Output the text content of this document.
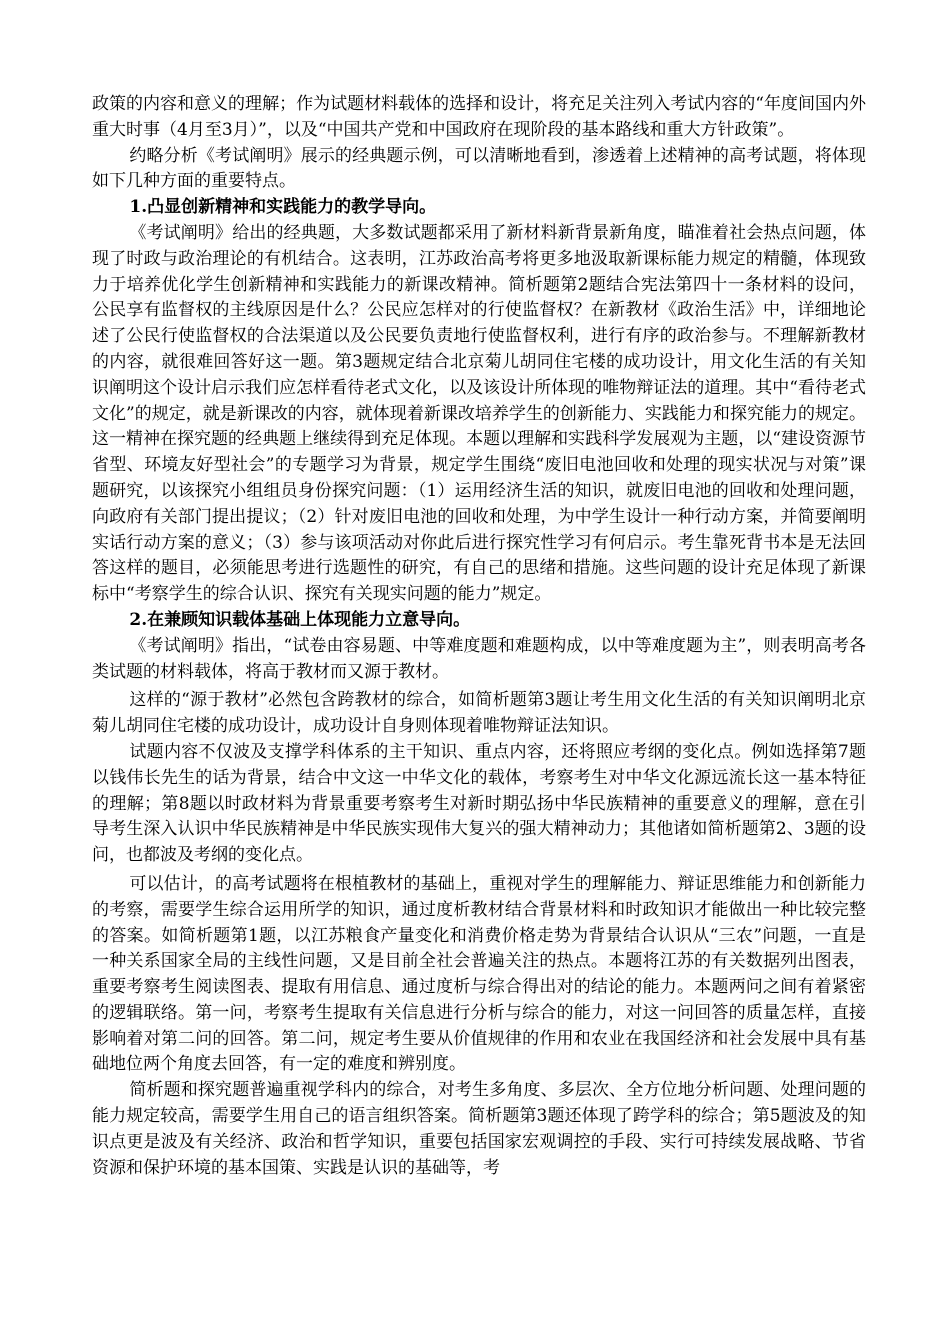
政策的内容和意义的理解；作为试题材料载体的选择和设计，将充足关注列入考试内容的“年度间国内外重大时事（4月至3月）”，以及“中国共产党和中国政府在现阶段的基本路线和重大方针政策”。

约略分析《考试阐明》展示的经典题示例，可以清晰地看到，渗透着上述精神的高考试题，将体现如下几种方面的重要特点。

1.凸显创新精神和实践能力的教学导向。

《考试阐明》给出的经典题，大多数试题都采用了新材料新背景新角度，瞄准着社会热点问题，体现了时政与政治理论的有机结合。这表明，江苏政治高考将更多地汲取新课标能力规定的精髓，体现致力于培养优化学生创新精神和实践能力的新课改精神。简析题第2题结合宪法第四十一条材料的设问，公民享有监督权的主线原因是什么？公民应怎样对的行使监督权？在新教材《政治生活》中，详细地论述了公民行使监督权的合法渠道以及公民要负责地行使监督权利，进行有序的政治参与。不理解新教材的内容，就很难回答好这一题。第3题规定结合北京菊儿胡同住宅楼的成功设计，用文化生活的有关知识阐明这个设计启示我们应怎样看待老式文化，以及该设计所体现的唯物辩证法的道理。其中“看待老式文化”的规定，就是新课改的内容，就体现着新课改培养学生的创新能力、实践能力和探究能力的规定。这一精神在探究题的经典题上继续得到充足体现。本题以理解和实践科学发展观为主题，以“建设资源节省型、环境友好型社会”的专题学习为背景，规定学生围绕“废旧电池回收和处理的现实状况与对策”课题研究，以该探究小组组员身份探究问题：（1）运用经济生活的知识，就废旧电池的回收和处理问题，向政府有关部门提出提议；（2）针对废旧电池的回收和处理，为中学生设计一种行动方案，并简要阐明实话行动方案的意义；（3）参与该项活动对你此后进行探究性学习有何启示。考生靠死背书本是无法回答这样的题目，必须能思考进行选题性的研究，有自己的思绪和措施。这些问题的设计充足体现了新课标中“考察学生的综合认识、探究有关现实问题的能力”规定。

2.在兼顾知识载体基础上体现能力立意导向。

《考试阐明》指出，“试卷由容易题、中等难度题和难题构成，以中等难度题为主”，则表明高考各类试题的材料载体，将高于教材而又源于教材。

这样的“源于教材”必然包含跨教材的综合，如简析题第3题让考生用文化生活的有关知识阐明北京菊儿胡同住宅楼的成功设计，成功设计自身则体现着唯物辩证法知识。

试题内容不仅波及支撑学科体系的主干知识、重点内容，还将照应考纲的变化点。例如选择第7题以钱伟长先生的话为背景，结合中文这一中华文化的载体，考察考生对中华文化源远流长这一基本特征的理解；第8题以时政材料为背景重要考察考生对新时期弘扬中华民族精神的重要意义的理解，意在引导考生深入认识中华民族精神是中华民族实现伟大复兴的强大精神动力；其他诸如简析题第2、3题的设问，也都波及考纲的变化点。

可以估计，的高考试题将在根植教材的基础上，重视对学生的理解能力、辩证思维能力和创新能力的考察，需要学生综合运用所学的知识，通过度析教材结合背景材料和时政知识才能做出一种比较完整的答案。如简析题第1题，以江苏粮食产量变化和消费价格走势为背景结合认识从“三农”问题，一直是一种关系国家全局的主线性问题，又是目前全社会普遍关注的热点。本题将江苏的有关数据列出图表，重要考察考生阅读图表、提取有用信息、通过度析与综合得出对的结论的能力。本题两问之间有着紧密的逻辑联络。第一问，考察考生提取有关信息进行分析与综合的能力，对这一问回答的质量怎样，直接影响着对第二问的回答。第二问，规定考生要从价值规律的作用和农业在我国经济和社会发展中具有基础地位两个角度去回答，有一定的难度和辨别度。

简析题和探究题普遍重视学科内的综合，对考生多角度、多层次、全方位地分析问题、处理问题的能力规定较高，需要学生用自己的语言组织答案。简析题第3题还体现了跨学科的综合；第5题波及的知识点更是波及有关经济、政治和哲学知识，重要包括国家宏观调控的手段、实行可持续发展战略、节省资源和保护环境的基本国策、实践是认识的基础等，考
